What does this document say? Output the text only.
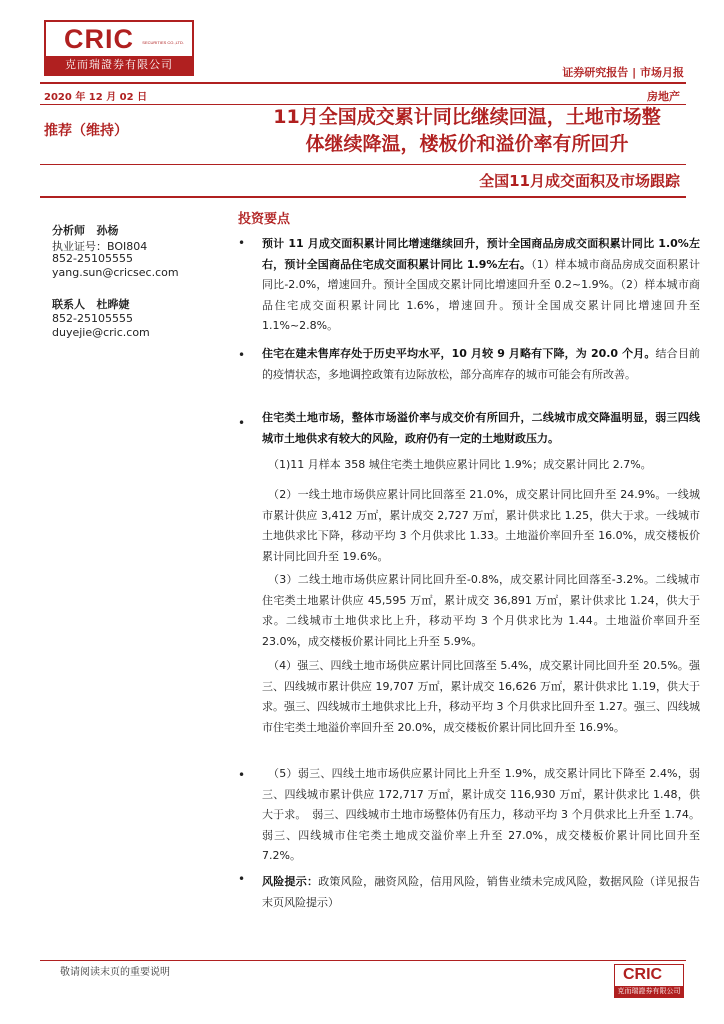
CRIC SECURITIES CO.,LTD.
克而瑞證券有限公司
证券研究报告 | 市场月报
2020 年 12 月 02 日	房地产
推荐（维持）
11月全国成交累计同比继续回温，土地市场整
体继续降温，楼板价和溢价率有所回升
全国11月成交面积及市场跟踪
分析师 孙杨
执业证号：BOI804
852-25105555
yang.sun@cricsec.com
联系人 杜晔婕
852-25105555
duyejie@cric.com
投资要点
• 预计 11 月成交面积累计同比增速继续回升，预计全国商品房成交面积累计同比 1.0%左右，预计全国商品住宅成交面积累计同比 1.9%左右。（1）样本城市商品房成交面积累计同比-2.0%，增速回升。预计全国成交累计同比增速回升至 0.2~1.9%。（2）样本城市商品住宅成交面积累计同比 1.6%，增速回升。预计全国成交累计同比增速回升至 1.1%~2.8%。
• 住宅在建未售库存处于历史平均水平，10 月较 9 月略有下降，为 20.0 个月。结合目前的疫情状态，多地调控政策有边际放松，部分高库存的城市可能会有所改善。
• 住宅类土地市场，整体市场溢价率与成交价有所回升，二线城市成交降温明显，弱三四线城市土地供求有较大的风险，政府仍有一定的土地财政压力。
（1)11 月样本 358 城住宅类土地供应累计同比 1.9%；成交累计同比 2.7%。
（2）一线土地市场供应累计同比回落至 21.0%，成交累计同比回升至 24.9%。一线城市累计供应 3,412 万㎡，累计成交 2,727 万㎡，累计供求比 1.25，供大于求。一线城市土地供求比下降，移动平均 3 个月供求比 1.33。土地溢价率回升至 16.0%，成交楼板价累计同比回升至 19.6%。
（3）二线土地市场供应累计同比回升至-0.8%，成交累计同比回落至-3.2%。二线城市住宅类土地累计供应 45,595 万㎡，累计成交 36,891 万㎡，累计供求比 1.24，供大于求。二线城市土地供求比上升，移动平均 3 个月供求比为 1.44。土地溢价率回升至 23.0%，成交楼板价累计同比上升至 5.9%。
（4）强三、四线土地市场供应累计同比回落至 5.4%，成交累计同比回升至 20.5%。强三、四线城市累计供应 19,707 万㎡，累计成交 16,626 万㎡，累计供求比 1.19，供大于求。强三、四线城市土地供求比上升，移动平均 3 个月供求比回升至 1.27。强三、四线城市住宅类土地溢价率回升至 20.0%，成交楼板价累计同比回升至 16.9%。
•	（5）弱三、四线土地市场供应累计同比上升至 1.9%，成交累计同比下降至 2.4%，弱三、四线城市累计供应 172,717 万㎡，累计成交 116,930 万㎡，累计供求比 1.48，供大于求。　弱三、四线城市土地市场整体仍有压力，移动平均 3 个月供求比上升至 1.74。弱三、四线城市住宅类土地成交溢价率上升至 27.0%，成交楼板价累计同比回升至 7.2%。
• 风险提示：政策风险，融资风险，信用风险，销售业绩未完成风险，数据风险（详见报告末页风险提示）
敬请阅读末页的重要说明	CRIC
克而瑞證券有限公司
